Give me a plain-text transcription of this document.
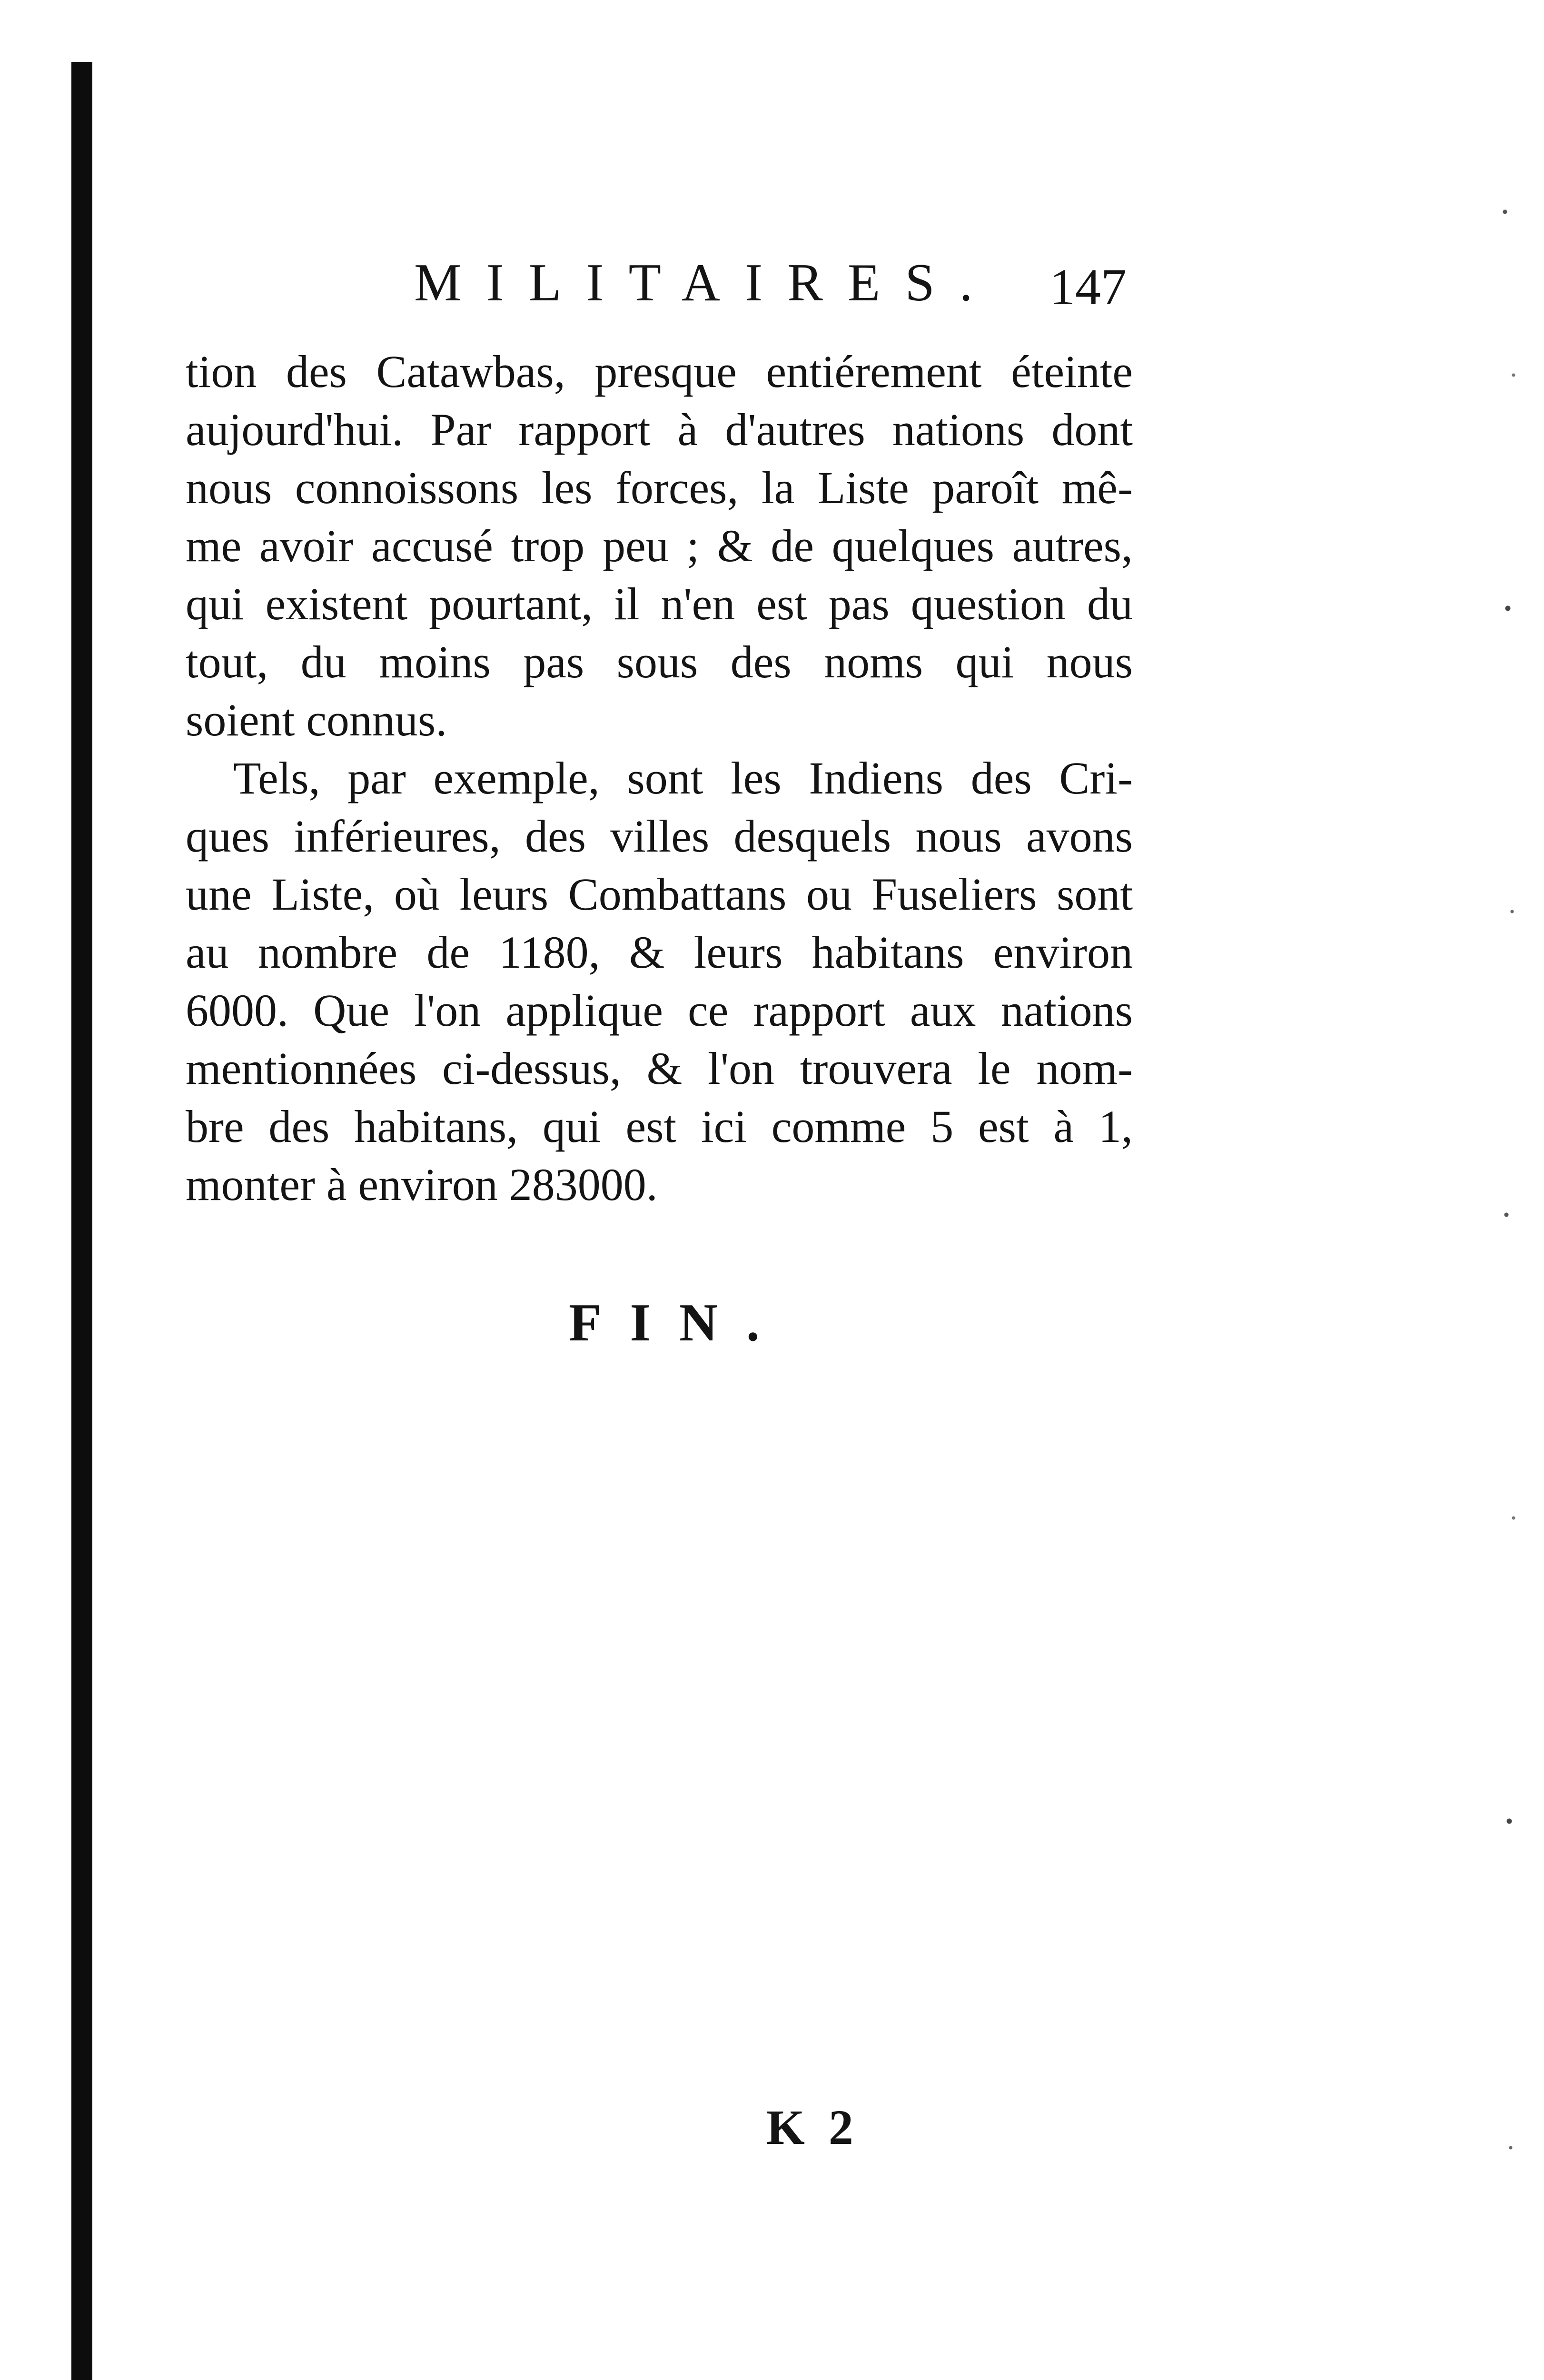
MILITAIRES. 147
tion des Catawbas, presque entiérement éteinte
aujourd'hui. Par rapport à d'autres nations dont
nous connoissons les forces, la Liste paroît mê-
me avoir accusé trop peu ; & de quelques autres,
qui existent pourtant, il n'en est pas question du
tout, du moins pas sous des noms qui nous
soient connus.
Tels, par exemple, sont les Indiens des Cri-
ques inférieures, des villes desquels nous avons
une Liste, où leurs Combattans ou Fuseliers sont
au nombre de 1180, & leurs habitans environ
6000. Que l'on applique ce rapport aux nations
mentionnées ci-dessus, & l'on trouvera le nom-
bre des habitans, qui est ici comme 5 est à 1,
monter à environ 283000.
FIN.
K 2
